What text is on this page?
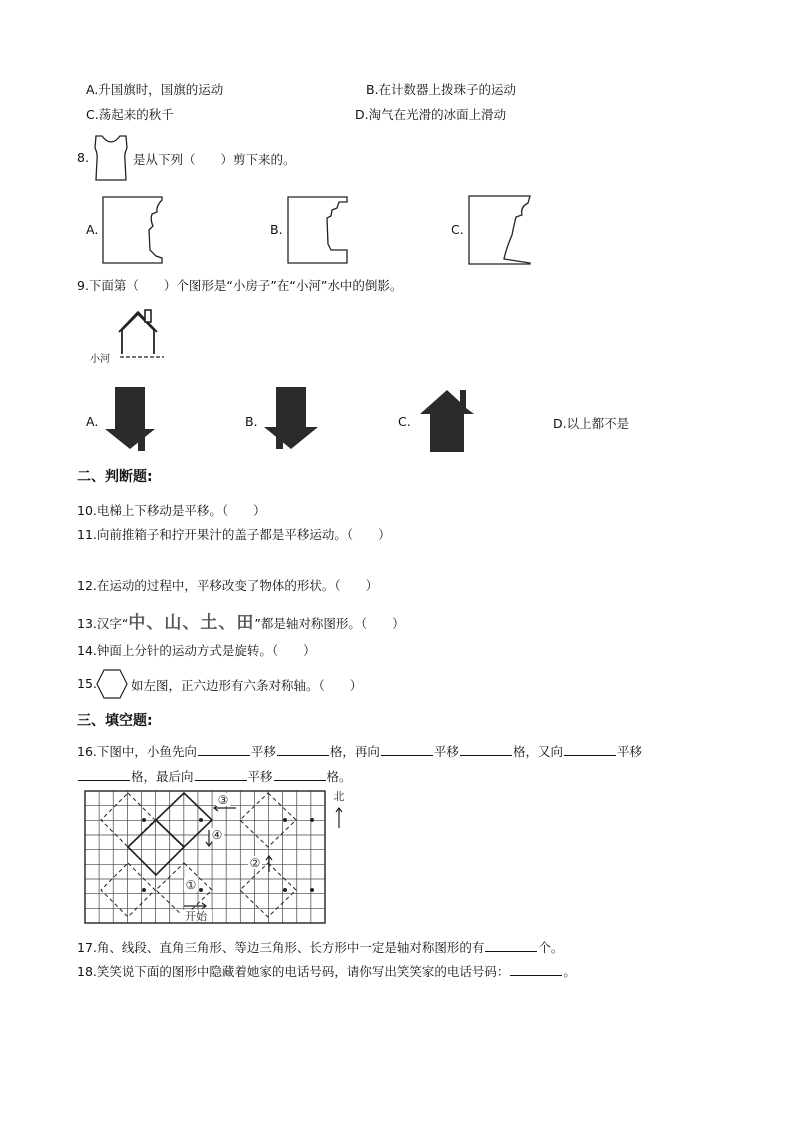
A.升国旗时，国旗的运动	B.在计数器上拨珠子的运动
C.荡起来的秋千	D.淘气在光滑的冰面上滑动
8.	是从下列（　　）剪下来的。
A.	B.	C.
9.下面第（　　）个图形是“小房子”在“小河”水中的倒影。
小河
A.	B.	C.	D.以上都不是
二、判断题:
10.电梯上下移动是平移。（　　）
11.向前推箱子和拧开果汁的盖子都是平移运动。（　　）
12.在运动的过程中，平移改变了物体的形状。（　　）
13.汉字“中、山、土、田”都是轴对称图形。（　　）
14.钟面上分针的运动方式是旋转。（　　）
15.	如左图，正六边形有六条对称轴。（　　）
三、填空题:
16.下图中，小鱼先向	平移	格，再向	平移	格，又向	平移
格，最后向	平移	格。
③
④
②
①
开始
北
17.角、线段、直角三角形、等边三角形、长方形中一定是轴对称图形的有	个。
18.笑笑说下面的图形中隐藏着她家的电话号码，请你写出笑笑家的电话号码：	。
